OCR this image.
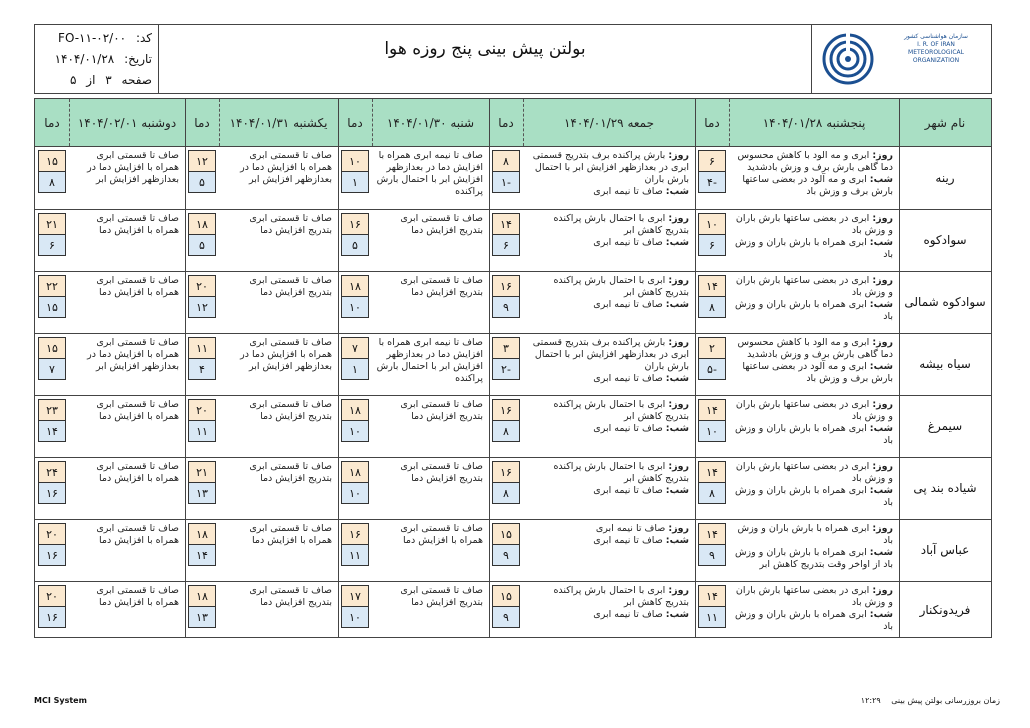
سازمان هواشناسی کشور
I. R. OF IRAN
METEOROLOGICAL
ORGANIZATION
بولتن پیش بینی پنج روزه هوا
کد: FO-۱۱-۰۲/۰۰
تاریخ: ۱۴۰۴/۰۱/۲۸
صفحه ۳ از ۵
نام شهر
پنجشنبه ۱۴۰۴/۰۱/۲۸
دما
جمعه ۱۴۰۴/۰۱/۲۹
دما
شنبه ۱۴۰۴/۰۱/۳۰
دما
یکشنبه ۱۴۰۴/۰۱/۳۱
دما
دوشنبه ۱۴۰۴/۰۲/۰۱
دما
رینه
روز: ابری و مه آلود با کاهش محسوس دما گاهی بارش برف و وزش بادشدید
شب: ابری و مه آلود در بعضی ساعتها بارش برف و وزش باد
۶
-۴
روز: بارش پراکنده برف بتدریج قسمتی ابری در بعدازظهر افزایش ابر با احتمال بارش باران
شب: صاف تا نیمه ابری
۸
-۱
صاف تا نیمه ابری همراه با افزایش دما در بعدازظهر افزایش ابر با احتمال بارش پراکنده
۱۰
۱
صاف تا قسمتی ابری همراه با افزایش دما در بعدازظهر افزایش ابر
۱۲
۵
صاف تا قسمتی ابری همراه با افزایش دما در بعدازظهر افزایش ابر
۱۵
۸
سوادکوه
روز: ابری در بعضی ساعتها بارش باران و وزش باد
شب: ابری همراه با بارش باران و وزش باد
۱۰
۶
روز: ابری با احتمال بارش پراکنده بتدریج کاهش ابر
شب: صاف تا نیمه ابری
۱۴
۶
صاف تا قسمتی ابری بتدریج افزایش دما
۱۶
۵
صاف تا قسمتی ابری بتدریج افزایش دما
۱۸
۵
صاف تا قسمتی ابری همراه با افزایش دما
۲۱
۶
سوادکوه شمالی
روز: ابری در بعضی ساعتها بارش باران و وزش باد
شب: ابری همراه با بارش باران و وزش باد
۱۴
۸
روز: ابری با احتمال بارش پراکنده بتدریج کاهش ابر
شب: صاف تا نیمه ابری
۱۶
۹
صاف تا قسمتی ابری بتدریج افزایش دما
۱۸
۱۰
صاف تا قسمتی ابری بتدریج افزایش دما
۲۰
۱۲
صاف تا قسمتی ابری همراه با افزایش دما
۲۲
۱۵
سیاه بیشه
روز: ابری و مه آلود با کاهش محسوس دما گاهی بارش برف و وزش بادشدید
شب: ابری و مه آلود در بعضی ساعتها بارش برف و وزش باد
۲
-۵
روز: بارش پراکنده برف بتدریج قسمتی ابری در بعدازظهر افزایش ابر با احتمال بارش باران
شب: صاف تا نیمه ابری
۳
-۲
صاف تا نیمه ابری همراه با افزایش دما در بعدازظهر افزایش ابر با احتمال بارش پراکنده
۷
۱
صاف تا قسمتی ابری همراه با افزایش دما در بعدازظهر افزایش ابر
۱۱
۴
صاف تا قسمتی ابری همراه با افزایش دما در بعدازظهر افزایش ابر
۱۵
۷
سیمرغ
روز: ابری در بعضی ساعتها بارش باران و وزش باد
شب: ابری همراه با بارش باران و وزش باد
۱۴
۱۰
روز: ابری با احتمال بارش پراکنده بتدریج کاهش ابر
شب: صاف تا نیمه ابری
۱۶
۸
صاف تا قسمتی ابری بتدریج افزایش دما
۱۸
۱۰
صاف تا قسمتی ابری بتدریج افزایش دما
۲۰
۱۱
صاف تا قسمتی ابری همراه با افزایش دما
۲۳
۱۴
شیاده بند پی
روز: ابری در بعضی ساعتها بارش باران و وزش باد
شب: ابری همراه با بارش باران و وزش باد
۱۴
۸
روز: ابری با احتمال بارش پراکنده بتدریج کاهش ابر
شب: صاف تا نیمه ابری
۱۶
۸
صاف تا قسمتی ابری بتدریج افزایش دما
۱۸
۱۰
صاف تا قسمتی ابری بتدریج افزایش دما
۲۱
۱۳
صاف تا قسمتی ابری همراه با افزایش دما
۲۴
۱۶
عباس آباد
روز: ابری همراه با بارش باران و وزش باد
شب: ابری همراه با بارش باران و وزش باد از اواخر وقت بتدریج کاهش ابر
۱۴
۹
روز: صاف تا نیمه ابری
شب: صاف تا نیمه ابری
۱۵
۹
صاف تا قسمتی ابری همراه با افزایش دما
۱۶
۱۱
صاف تا قسمتی ابری همراه با افزایش دما
۱۸
۱۴
صاف تا قسمتی ابری همراه با افزایش دما
۲۰
۱۶
فریدونکنار
روز: ابری در بعضی ساعتها بارش باران و وزش باد
شب: ابری همراه با بارش باران و وزش باد
۱۴
۱۱
روز: ابری با احتمال بارش پراکنده بتدریج کاهش ابر
شب: صاف تا نیمه ابری
۱۵
۹
صاف تا قسمتی ابری بتدریج افزایش دما
۱۷
۱۰
صاف تا قسمتی ابری بتدریج افزایش دما
۱۸
۱۳
صاف تا قسمتی ابری همراه با افزایش دما
۲۰
۱۶
MCI System	زمان بروزرسانی بولتن پیش بینی ۱۲:۲۹
